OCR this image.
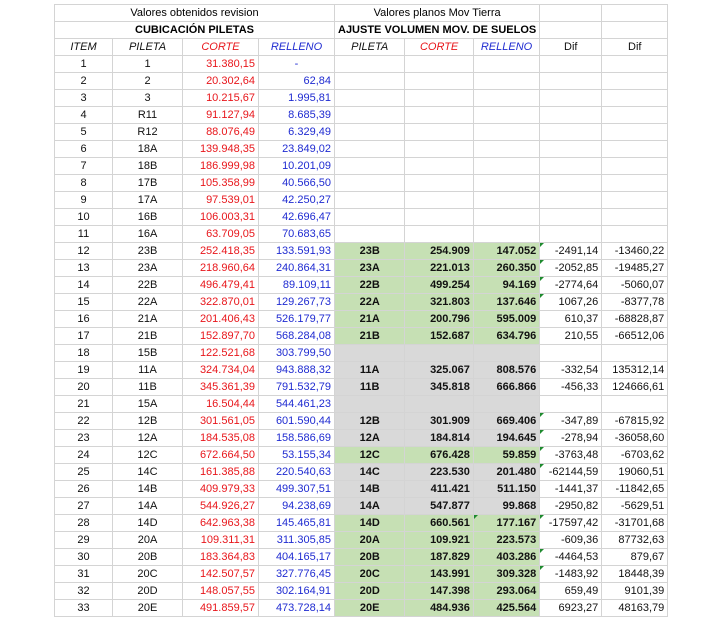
Valores obtenidos revision				Valores planos Mov Tierra				
CUBICACIÓN PILETAS				AJUSTE VOLUMEN MOV. DE SUELOS				
ITEM	PILETA	CORTE	RELLENO	PILETA	CORTE	RELLENO	Dif	Dif
1	1	31.380,15	-					
2	2	20.302,64	62,84					
3	3	10.215,67	1.995,81					
4	R11	91.127,94	8.685,39					
5	R12	88.076,49	6.329,49					
6	18A	139.948,35	23.849,02					
7	18B	186.999,98	10.201,09					
8	17B	105.358,99	40.566,50					
9	17A	97.539,01	42.250,27					
10	16B	106.003,31	42.696,47					
11	16A	63.709,05	70.683,65					
12	23B	252.418,35	133.591,93	23B	254.909	147.052	-2491,14	-13460,22
13	23A	218.960,64	240.864,31	23A	221.013	260.350	-2052,85	-19485,27
14	22B	496.479,41	89.109,11	22B	499.254	94.169	-2774,64	-5060,07
15	22A	322.870,01	129.267,73	22A	321.803	137.646	1067,26	-8377,78
16	21A	201.406,43	526.179,77	21A	200.796	595.009	610,37	-68828,87
17	21B	152.897,70	568.284,08	21B	152.687	634.796	210,55	-66512,06
18	15B	122.521,68	303.799,50					
19	11A	324.734,04	943.888,32	11A	325.067	808.576	-332,54	135312,14
20	11B	345.361,39	791.532,79	11B	345.818	666.866	-456,33	124666,61
21	15A	16.504,44	544.461,23					
22	12B	301.561,05	601.590,44	12B	301.909	669.406	-347,89	-67815,92
23	12A	184.535,08	158.586,69	12A	184.814	194.645	-278,94	-36058,60
24	12C	672.664,50	53.155,34	12C	676.428	59.859	-3763,48	-6703,62
25	14C	161.385,88	220.540,63	14C	223.530	201.480	-62144,59	19060,51
26	14B	409.979,33	499.307,51	14B	411.421	511.150	-1441,37	-11842,65
27	14A	544.926,27	94.238,69	14A	547.877	99.868	-2950,82	-5629,51
28	14D	642.963,38	145.465,81	14D	660.561	177.167	-17597,42	-31701,68
29	20A	109.311,31	311.305,85	20A	109.921	223.573	-609,36	87732,63
30	20B	183.364,83	404.165,17	20B	187.829	403.286	-4464,53	879,67
31	20C	142.507,57	327.776,45	20C	143.991	309.328	-1483,92	18448,39
32	20D	148.057,55	302.164,91	20D	147.398	293.064	659,49	9101,39
33	20E	491.859,57	473.728,14	20E	484.936	425.564	6923,27	48163,79
